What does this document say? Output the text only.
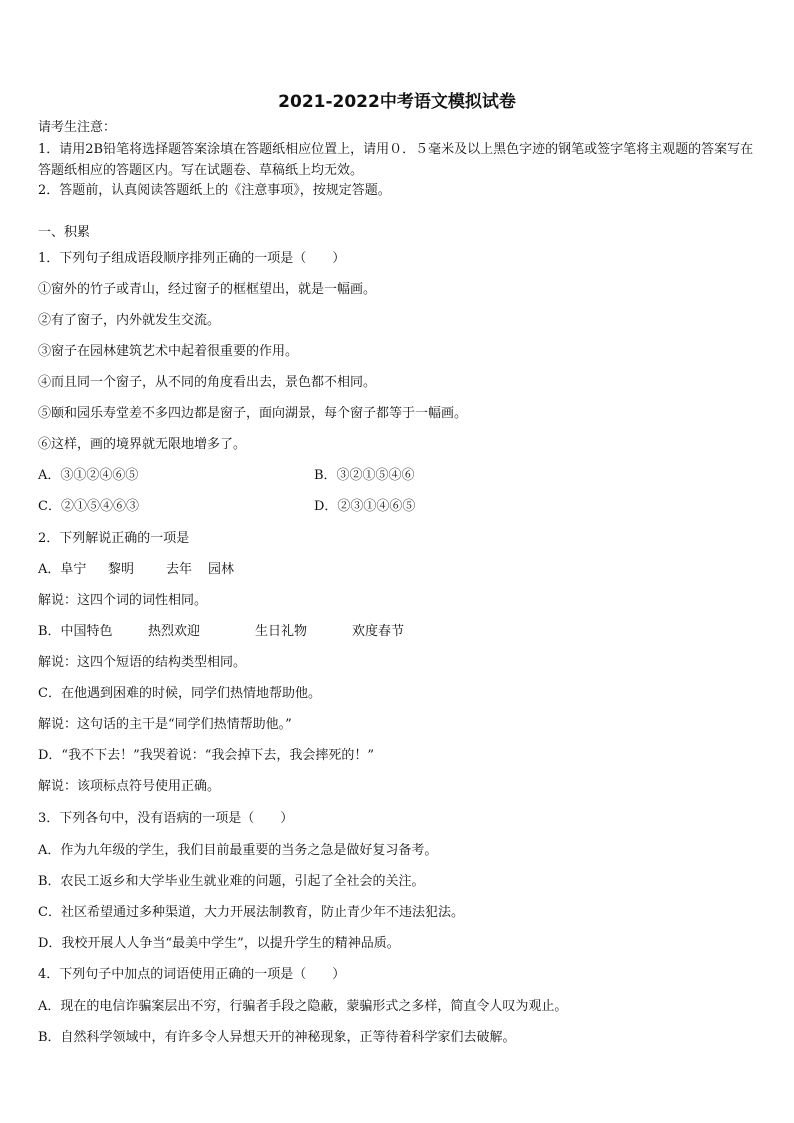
2021-2022中考语文模拟试卷
请考生注意：
1．请用2B铅笔将选择题答案涂填在答题纸相应位置上，请用０．５毫米及以上黑色字迹的钢笔或签字笔将主观题的答案写在答题纸相应的答题区内。写在试题卷、草稿纸上均无效。
2．答题前，认真阅读答题纸上的《注意事项》，按规定答题。
一、积累
1．下列句子组成语段顺序排列正确的一项是（　　）
①窗外的竹子或青山，经过窗子的框框望出，就是一幅画。
②有了窗子，内外就发生交流。
③窗子在园林建筑艺术中起着很重要的作用。
④而且同一个窗子，从不同的角度看出去，景色都不相同。
⑤颐和园乐寿堂差不多四边都是窗子，面向湖景，每个窗子都等于一幅画。
⑥这样，画的境界就无限地增多了。
A．③①②④⑥⑤	B．③②①⑤④⑥
C．②①⑤④⑥③	D．②③①④⑥⑤
2．下列解说正确的一项是
A．阜宁 黎明 去年 园林
解说：这四个词的词性相同。
B．中国特色	热烈欢迎	生日礼物	欢度春节
解说：这四个短语的结构类型相同。
C．在他遇到困难的时候，同学们热情地帮助他。
解说：这句话的主干是“同学们热情帮助他。”
D．“我不下去！”我哭着说：“我会掉下去，我会摔死的！”
解说：该项标点符号使用正确。
3．下列各句中，没有语病的一项是（　　）
A．作为九年级的学生，我们目前最重要的当务之急是做好复习备考。
B．农民工返乡和大学毕业生就业难的问题，引起了全社会的关注。
C．社区希望通过多种渠道，大力开展法制教育，防止青少年不违法犯法。
D．我校开展人人争当“最美中学生”，以提升学生的精神品质。
4．下列句子中加点的词语使用正确的一项是（　　）
A．现在的电信诈骗案层出不穷，行骗者手段之隐蔽，蒙骗形式之多样，简直令人叹为观止。
B．自然科学领域中，有许多令人异想天开的神秘现象，正等待着科学家们去破解。
